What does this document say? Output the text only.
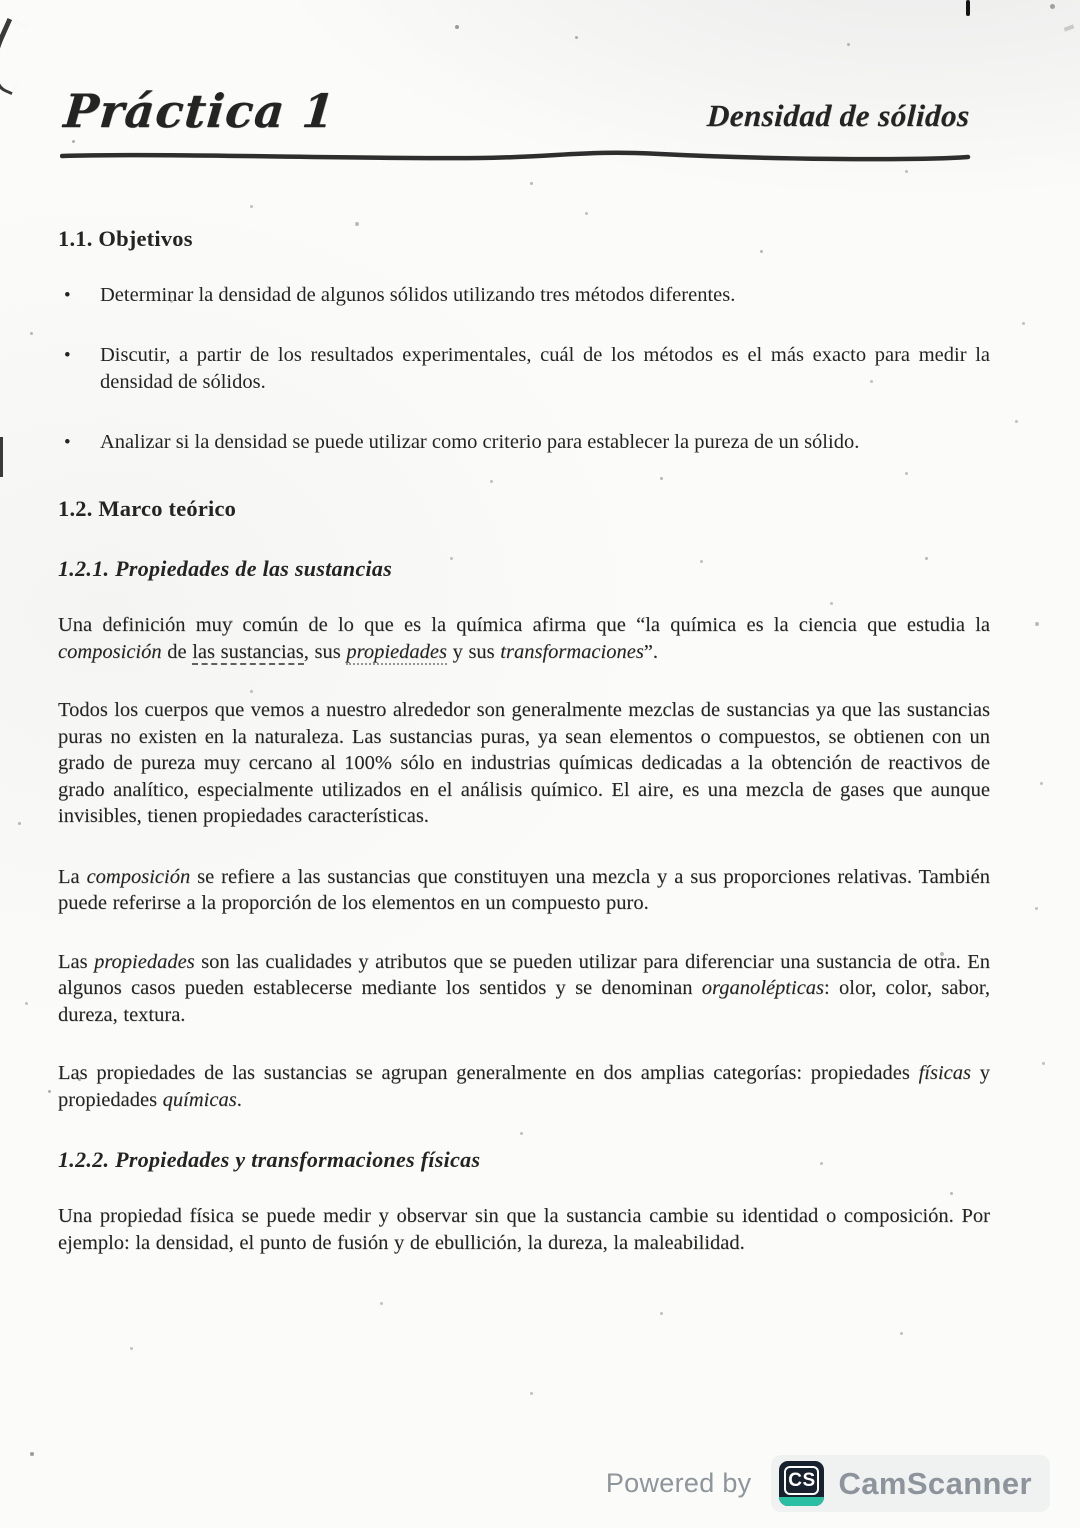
Práctica 1	Densidad de sólidos
1.1. Objetivos
• Determinar la densidad de algunos sólidos utilizando tres métodos diferentes.
• Discutir, a partir de los resultados experimentales, cuál de los métodos es el más exacto para medir la densidad de sólidos.
• Analizar si la densidad se puede utilizar como criterio para establecer la pureza de un sólido.
1.2. Marco teórico
1.2.1. Propiedades de las sustancias

Una definición muy común de lo que es la química afirma que “la química es la ciencia que estudia la composición de las sustancias, sus propiedades y sus transformaciones”.

Todos los cuerpos que vemos a nuestro alrededor son generalmente mezclas de sustancias ya que las sustancias puras no existen en la naturaleza. Las sustancias puras, ya sean elementos o compuestos, se obtienen con un grado de pureza muy cercano al 100% sólo en industrias químicas dedicadas a la obtención de reactivos de grado analítico, especialmente utilizados en el análisis químico. El aire, es una mezcla de gases que aunque invisibles, tienen propiedades características.

La composición se refiere a las sustancias que constituyen una mezcla y a sus proporciones relativas. También puede referirse a la proporción de los elementos en un compuesto puro.

Las propiedades son las cualidades y atributos que se pueden utilizar para diferenciar una sustancia de otra. En algunos casos pueden establecerse mediante los sentidos y se denominan organolépticas: olor, color, sabor, dureza, textura.

Las propiedades de las sustancias se agrupan generalmente en dos amplias categorías: propiedades físicas y propiedades químicas.

1.2.2. Propiedades y transformaciones físicas

Una propiedad física se puede medir y observar sin que la sustancia cambie su identidad o composición. Por ejemplo: la densidad, el punto de fusión y de ebullición, la dureza, la maleabilidad.

Powered by CS CamScanner
